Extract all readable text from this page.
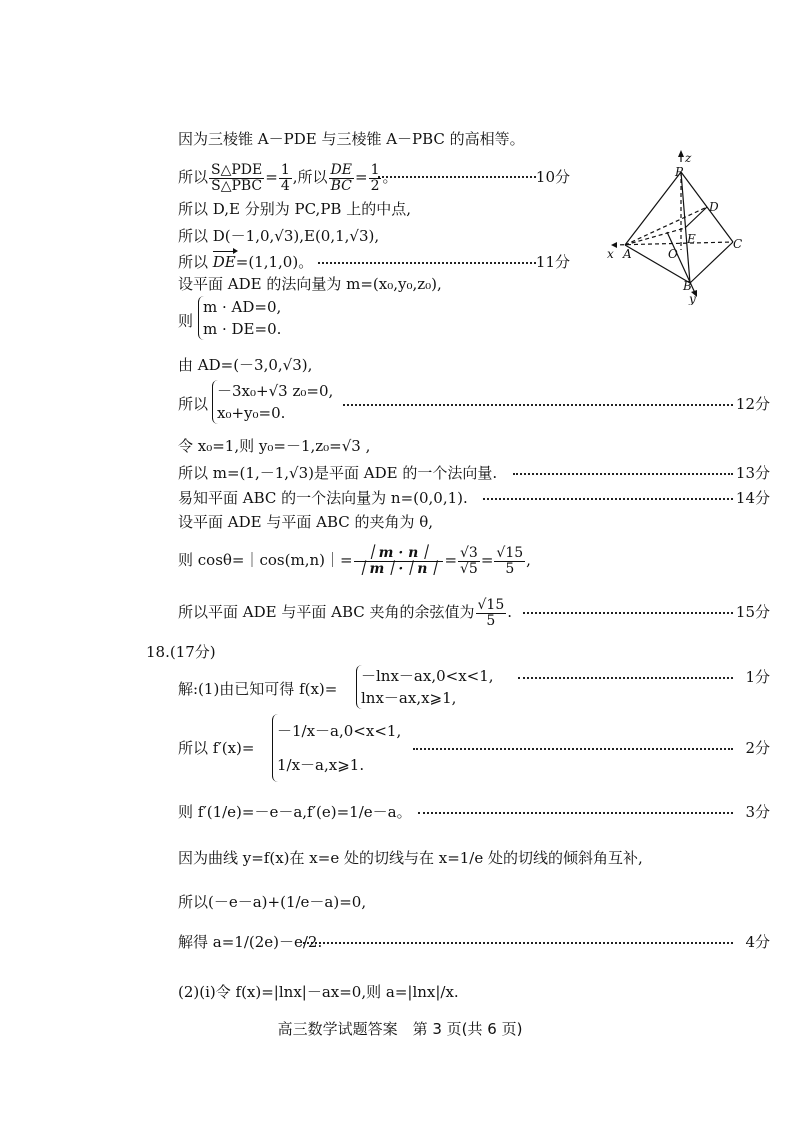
因为三棱锥 A－PDE 与三棱锥 A－PBC 的高相等。
所以 $\frac{\text{S△PDE}}{\text{S△PBC}} = \frac{1}{4}$ ,所以 $\frac{DE}{BC} = \frac{1}{2}$ 。	10分
所以 D,E 分别为 PC,PB 上的中点,
所以 D(－1,0,√3),E(0,1,√3),
所以 DE=(1,1,0)。	11分
设平面 ADE 的法向量为 m=(x₀,y₀,z₀),
则
m · AD=0,
m · DE=0.
由 AD=(－3,0,√3),
所以
－3x₀+√3 z₀=0,
x₀+y₀=0.	12分
令 x₀=1,则 y₀=－1,z₀=√3 ,
所以 m=(1,－1,√3)是平面 ADE 的一个法向量.	13分
易知平面 ABC 的一个法向量为 n=(0,0,1).	14分
设平面 ADE 与平面 ABC 的夹角为 θ,
则 cosθ=｜cos(m,n)｜= $\frac{|m \cdot n|}{|m|\cdot|n|} = \frac{√3}{√5} = \frac{√15}{5}$ ,
所以平面 ADE 与平面 ABC 夹角的余弦值为 $\frac{√15}{5}$ .	15分
18.(17分)
解:(1)由已知可得 f(x)=
－lnx－ax,0<x<1,
lnx－ax,x⩾1,
1分
所以 f′(x)=
－1/x－a,0<x<1,
1/x－a,x⩾1.
2分
则 f′(1/e)=－e－a,f′(e)=1/e－a。	3分
因为曲线 y=f(x)在 x=e 处的切线与在 x=1/e 处的切线的倾斜角互补,
所以(－e－a)+(1/e－a)=0,
解得 a=1/(2e)－e/2.	4分
(2)(i)令 f(x)=|lnx|－ax=0,则 a=|lnx|/x.
z
P
D
E	C
x A	O
B
y
高三数学试题答案　第 3 页(共 6 页)
